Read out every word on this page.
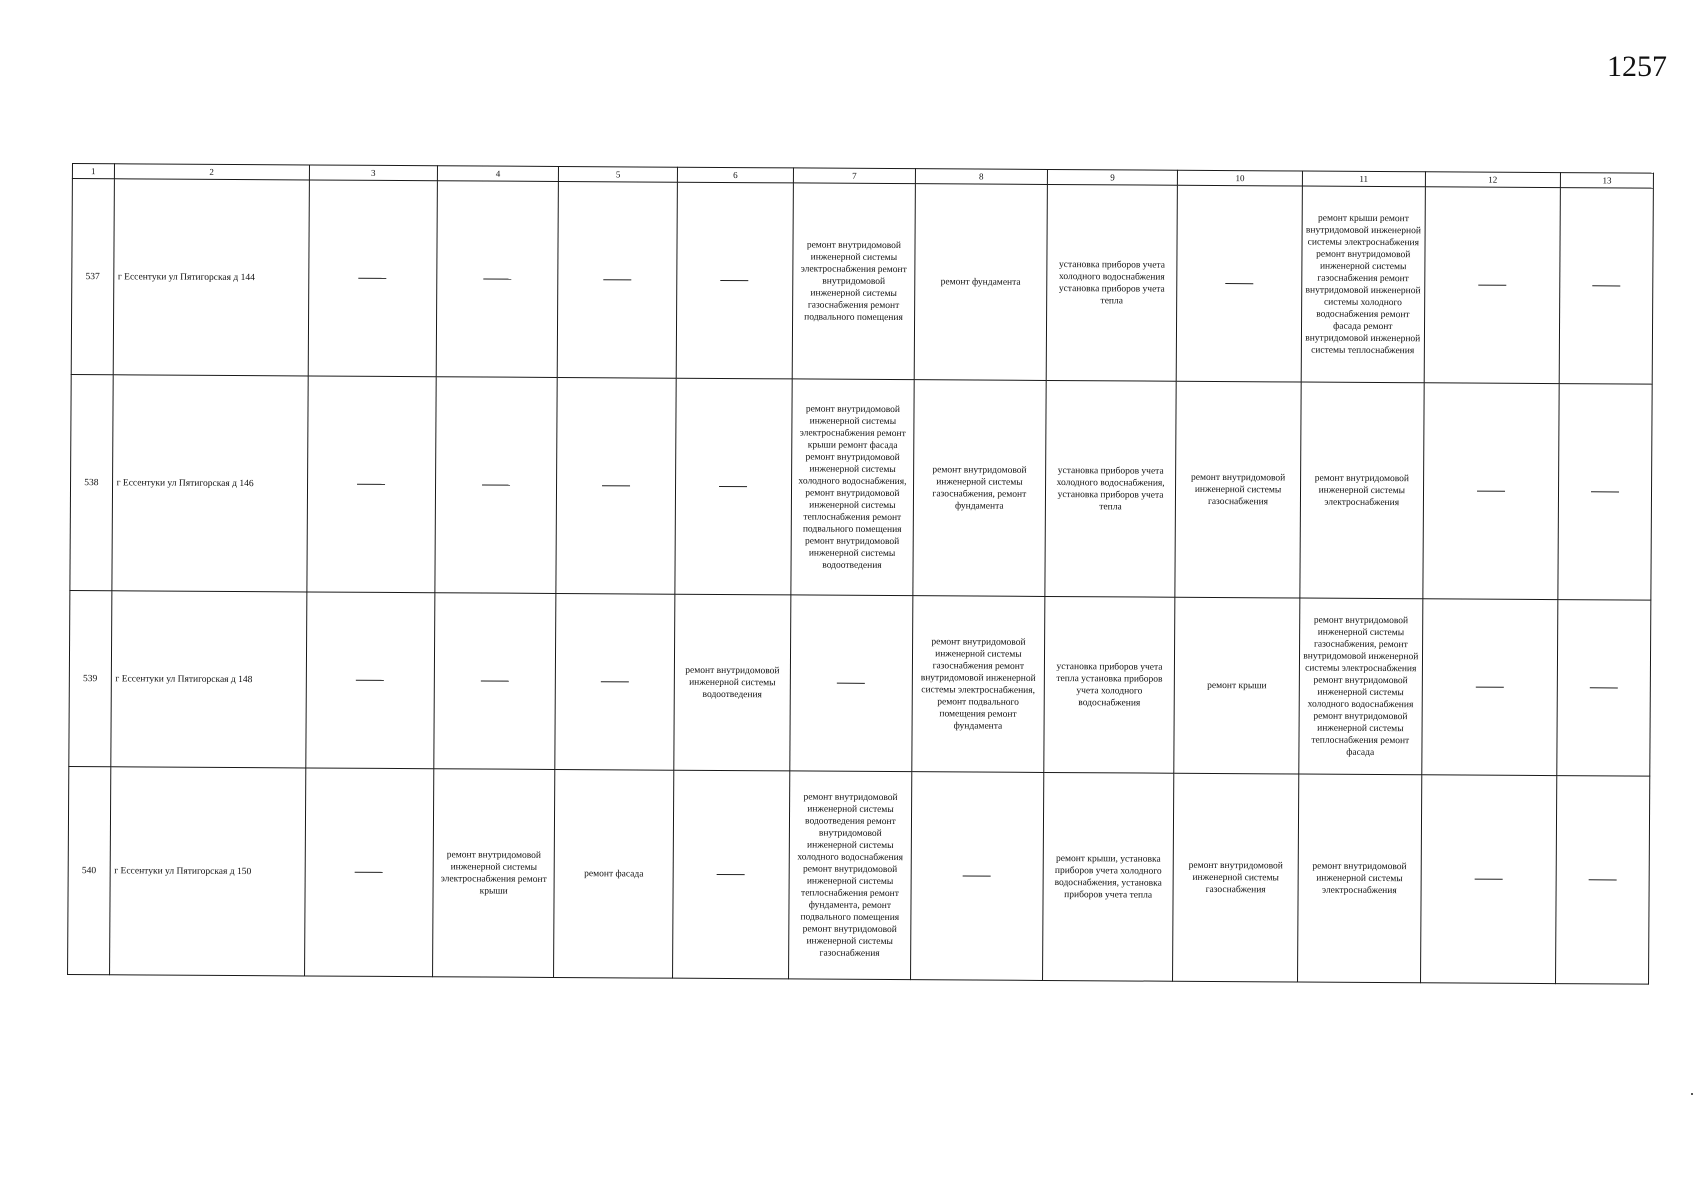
1257
1	2	3	4	5	6	7	8	9	10	11	12	13
537	г Ессентуки ул Пятигорская д 144					ремонт внутридомовой инженерной системы электроснабжения ремонт внутридомовой инженерной системы газоснабжения ремонт подвального помещения	ремонт фундамента	установка приборов учета холодного водоснабжения установка приборов учета тепла		ремонт крыши ремонт внутридомовой инженерной системы электроснабжения ремонт внутридомовой инженерной системы газоснабжения ремонт внутридомовой инженерной системы холодного водоснабжения ремонт фасада ремонт внутридомовой инженерной системы теплоснабжения		
538	г Ессентуки ул Пятигорская д 146					ремонт внутридомовой инженерной системы электроснабжения ремонт крыши ремонт фасада ремонт внутридомовой инженерной системы холодного водоснабжения, ремонт внутридомовой инженерной системы теплоснабжения ремонт подвального помещения ремонт внутридомовой инженерной системы водоотведения	ремонт внутридомовой инженерной системы газоснабжения, ремонт фундамента	установка приборов учета холодного водоснабжения, установка приборов учета тепла	ремонт внутридомовой инженерной системы газоснабжения	ремонт внутридомовой инженерной системы электроснабжения		
539	г Ессентуки ул Пятигорская д 148				ремонт внутридомовой инженерной системы водоотведения		ремонт внутридомовой инженерной системы газоснабжения ремонт внутридомовой инженерной системы электроснабжения, ремонт подвального помещения ремонт фундамента	установка приборов учета тепла установка приборов учета холодного водоснабжения	ремонт крыши	ремонт внутридомовой инженерной системы газоснабжения, ремонт внутридомовой инженерной системы электроснабжения ремонт внутридомовой инженерной системы холодного водоснабжения ремонт внутридомовой инженерной системы теплоснабжения ремонт фасада		
540	г Ессентуки ул Пятигорская д 150		ремонт внутридомовой инженерной системы электроснабжения ремонт крыши	ремонт фасада		ремонт внутридомовой инженерной системы водоотведения ремонт внутридомовой инженерной системы холодного водоснабжения ремонт внутридомовой инженерной системы теплоснабжения ремонт фундамента, ремонт подвального помещения ремонт внутридомовой инженерной системы газоснабжения		ремонт крыши, установка приборов учета холодного водоснабжения, установка приборов учета тепла	ремонт внутридомовой инженерной системы газоснабжения	ремонт внутридомовой инженерной системы электроснабжения		
